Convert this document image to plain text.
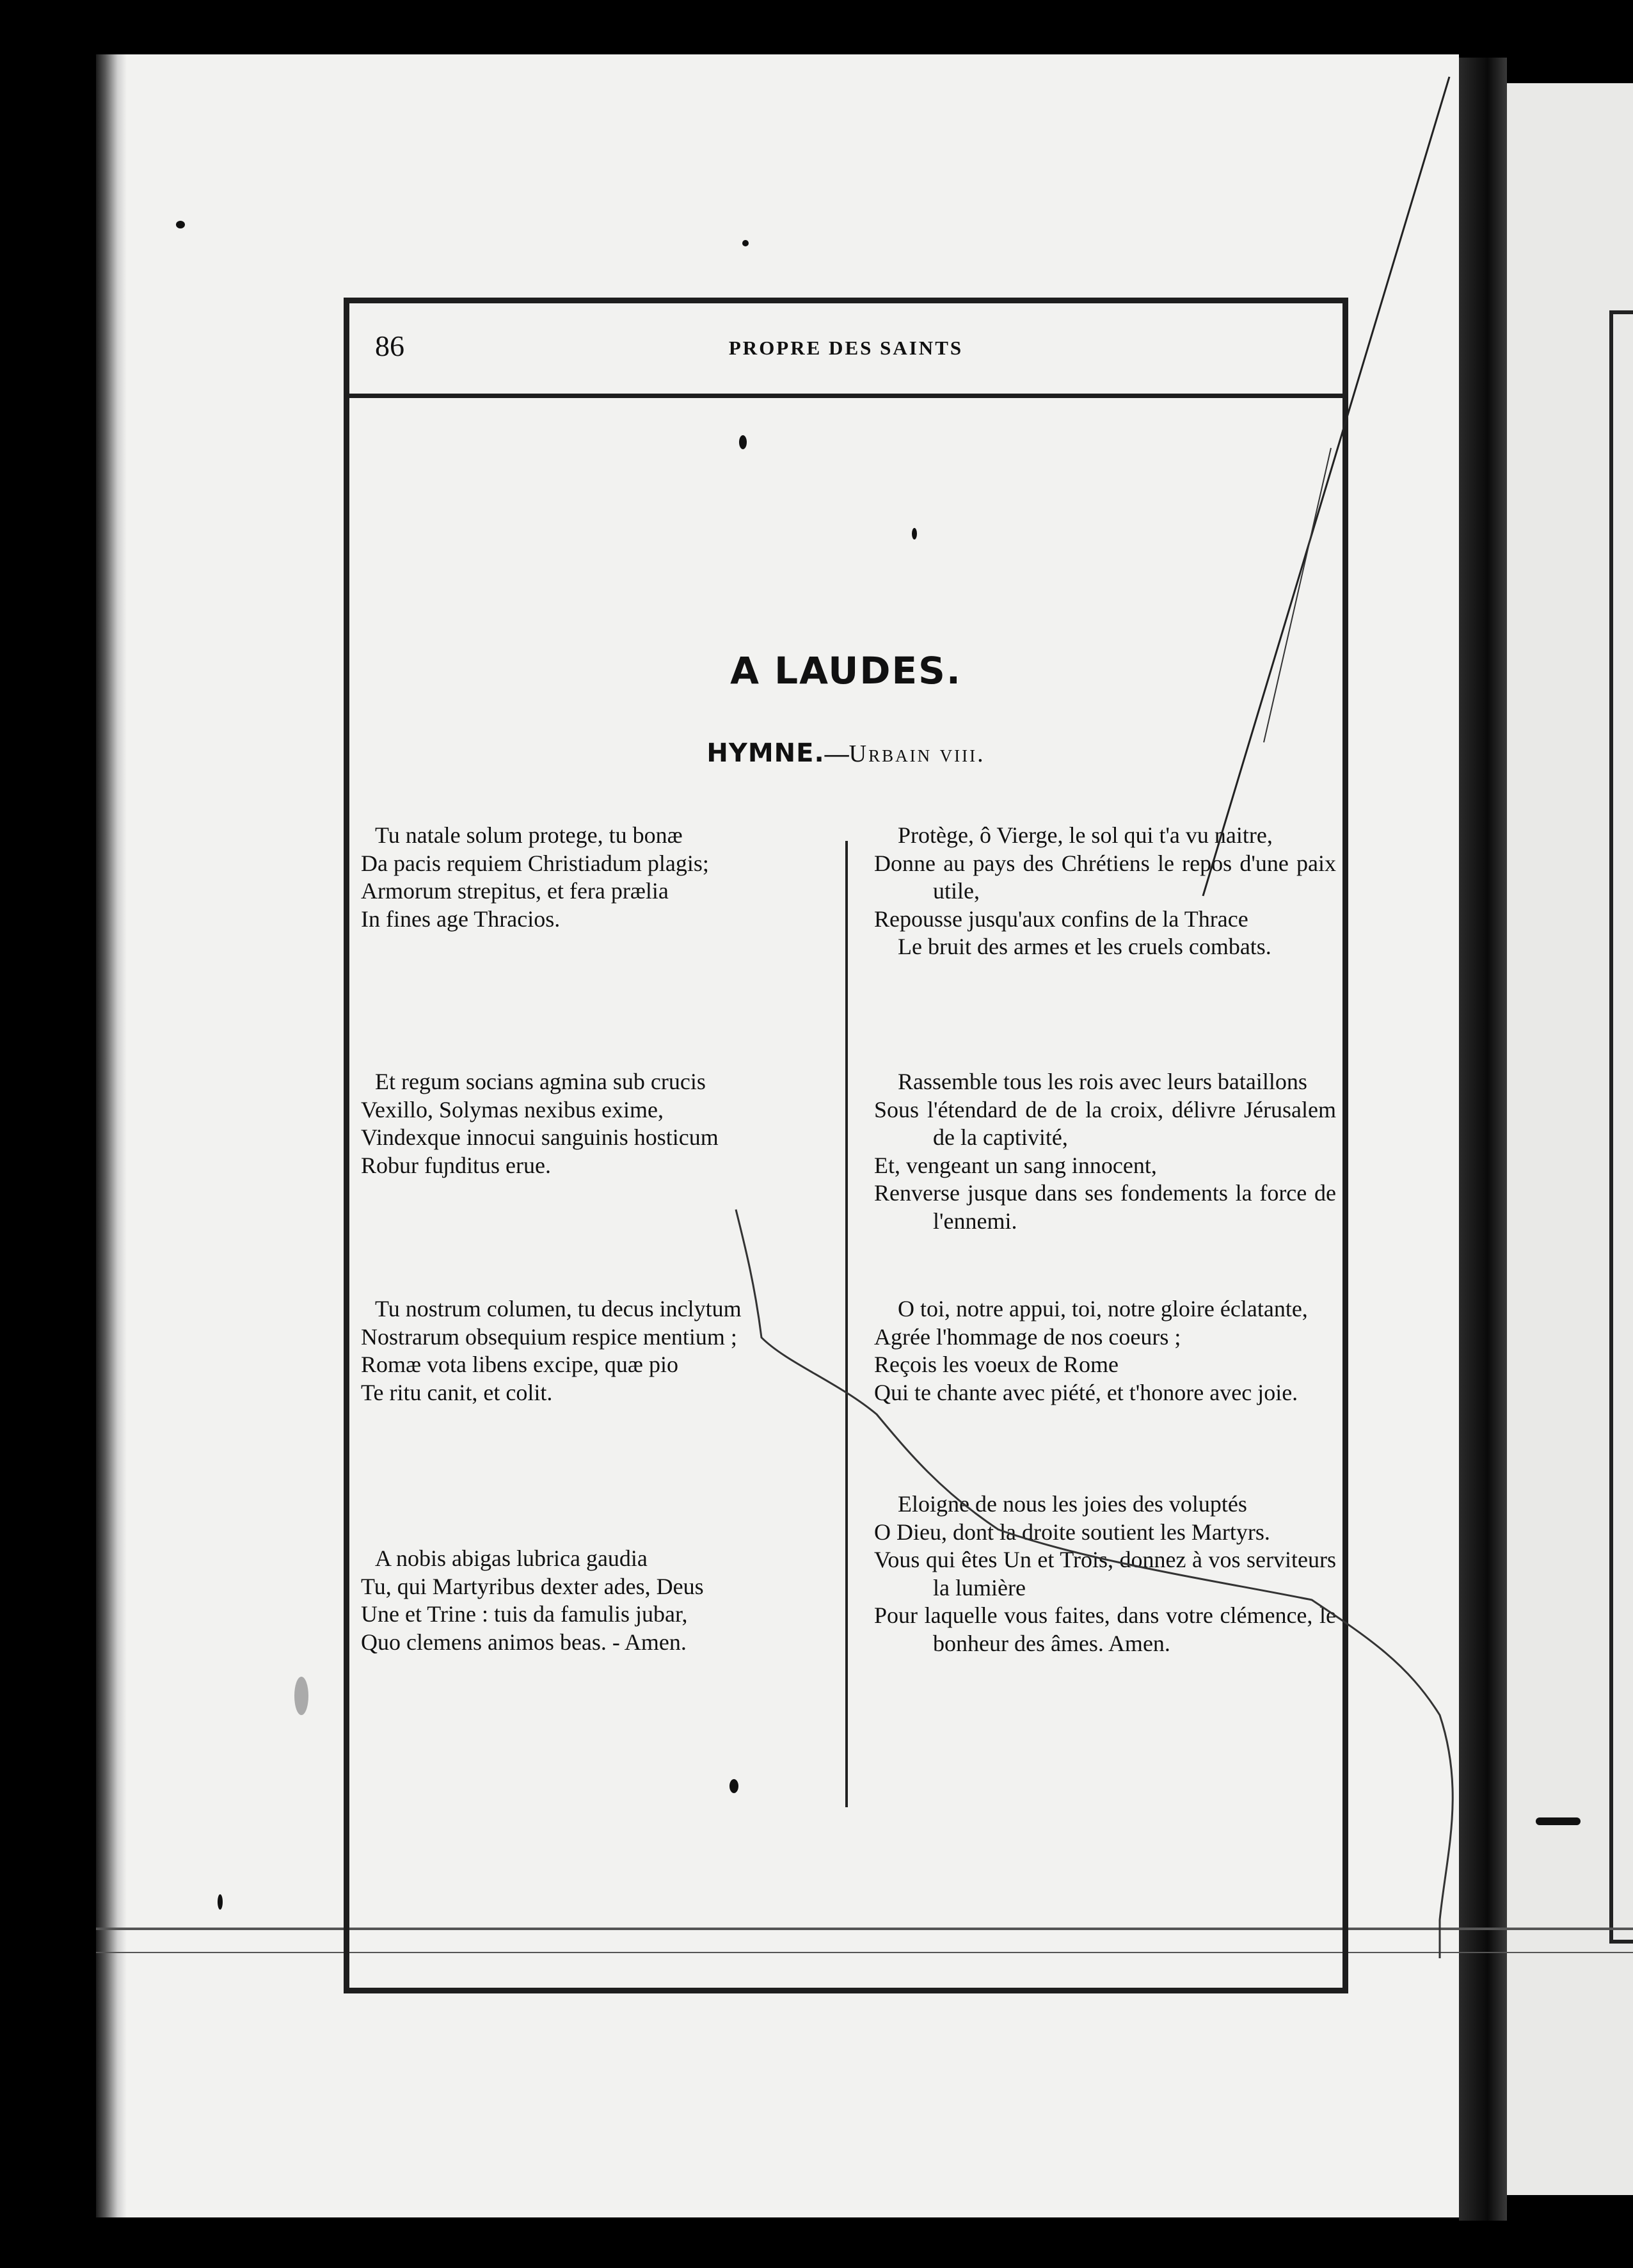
86	PROPRE DES SAINTS
A LAUDES.
HYMNE.—Urbain viii.

Tu natale solum protege, tu bonæ

Da pacis requiem Christiadum plagis;

Armorum strepitus, et fera prælia

In fines age Thracios.

Et regum socians agmina sub crucis

Vexillo, Solymas nexibus exime,

Vindexque innocui sanguinis hosticum

Robur fuɲditus erue.

Tu nostrum columen, tu decus inclytum

Nostrarum obsequium respice mentium ;

Romæ vota libens excipe, quæ pio

Te ritu canit, et colit.

A nobis abigas lubrica gaudia

Tu, qui Martyribus dexter ades, Deus

Une et Trine : tuis da famulis jubar,

Quo clemens animos beas. - Amen.

Protège, ô Vierge, le sol qui t'a vu naitre,

Donne au pays des Chrétiens le repos d'une paix utile,

Repousse jusqu'aux confins de la Thrace

Le bruit des armes et les cruels combats.

Rassemble tous les rois avec leurs bataillons

Sous l'étendard de de la croix, délivre Jérusalem de la captivité,

Et, vengeant un sang innocent,

Renverse jusque dans ses fondements la force de l'ennemi.

O toi, notre appui, toi, notre gloire éclatante,

Agrée l'hommage de nos coeurs ;

Reçois les voeux de Rome

Qui te chante avec piété, et t'honore avec joie.

Eloigne de nous les joies des voluptés

O Dieu, dont la droite soutient les Martyrs.

Vous qui êtes Un et Trois, donnez à vos serviteurs la lumière

Pour laquelle vous faites, dans votre clémence, le bonheur des âmes. Amen.
